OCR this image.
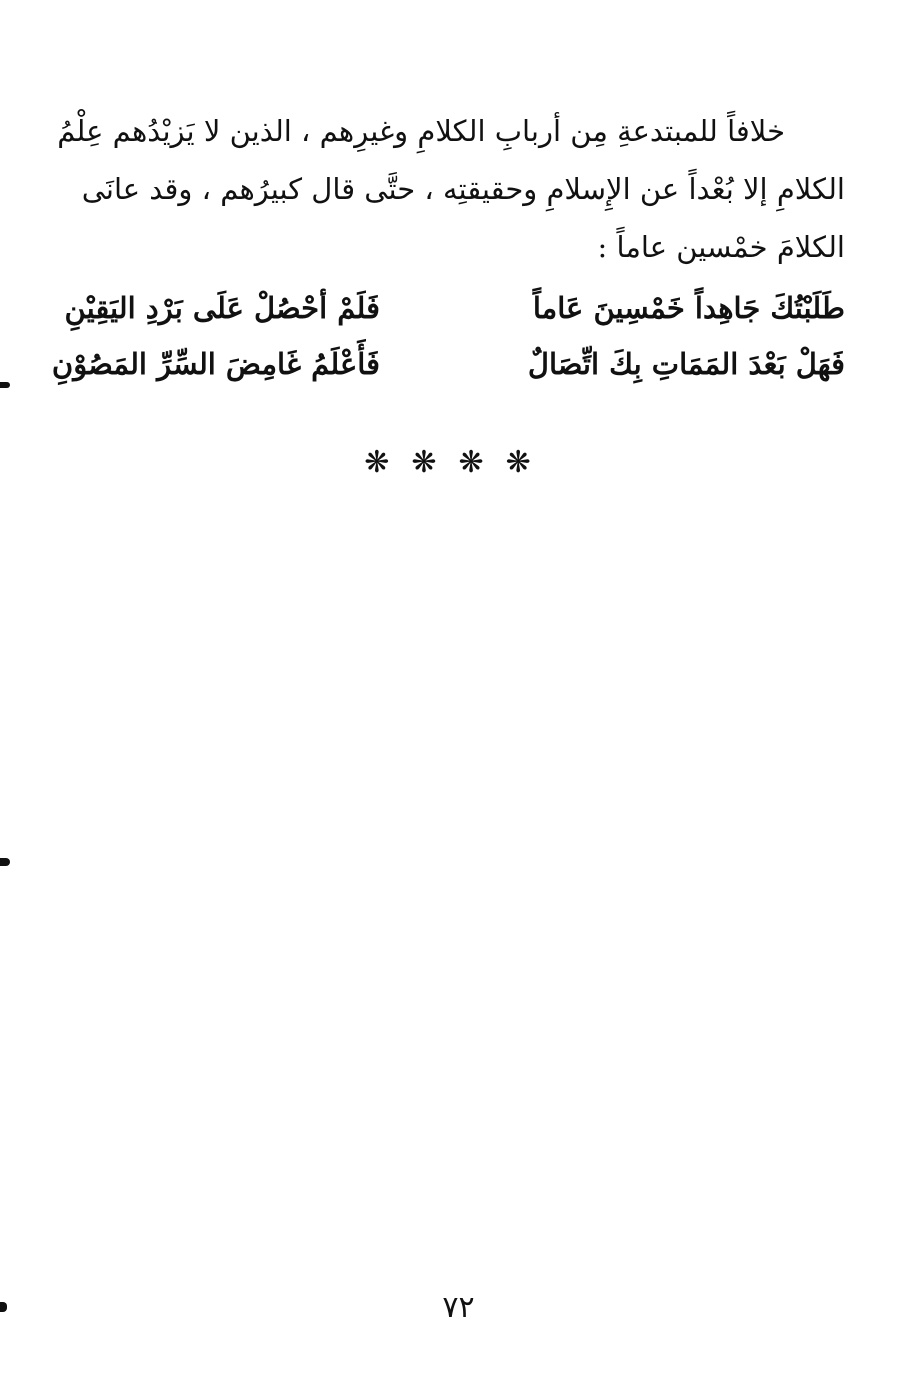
خلافاً للمبتدعةِ مِن أربابِ الكلامِ وغيرِهم ، الذين لا يَزيْدُهم عِلْمُ

الكلامِ إلا بُعْداً عن الإِسلامِ وحقيقتِه ، حتَّى قال كبيرُهم ، وقد عانَى

الكلامَ خمْسين عاماً :

طَلَبْتُكَ جَاهِداً خَمْسِينَ عَاماً
فَلَمْ أحْصُلْ عَلَى بَرْدِ اليَقِيْنِ
فَهَلْ بَعْدَ المَمَاتِ بِكَ اتِّصَالٌ
فَأَعْلَمُ غَامِضَ السِّرِّ المَصُوْنِ
❋❋❋❋
٧٢
